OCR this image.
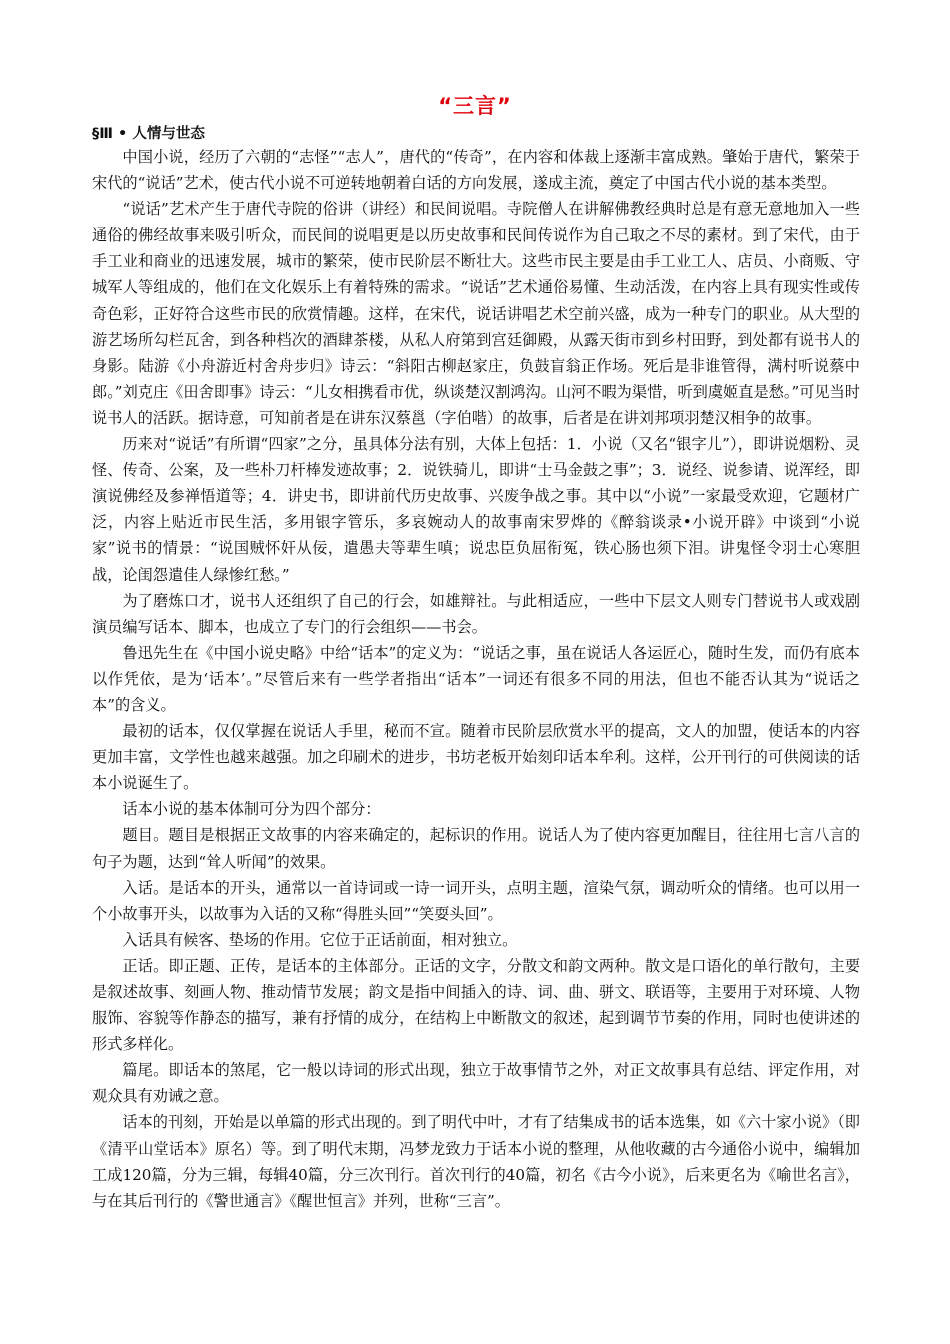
“三言”
§Ⅲ • 人情与世态

中国小说，经历了六朝的“志怪”“志人”，唐代的“传奇”，在内容和体裁上逐渐丰富成熟。肇始于唐代，繁荣于宋代的“说话”艺术，使古代小说不可逆转地朝着白话的方向发展，遂成主流，奠定了中国古代小说的基本类型。

“说话”艺术产生于唐代寺院的俗讲（讲经）和民间说唱。寺院僧人在讲解佛教经典时总是有意无意地加入一些通俗的佛经故事来吸引听众，而民间的说唱更是以历史故事和民间传说作为自己取之不尽的素材。到了宋代，由于手工业和商业的迅速发展，城市的繁荣，使市民阶层不断壮大。这些市民主要是由手工业工人、店员、小商贩、守城军人等组成的，他们在文化娱乐上有着特殊的需求。“说话”艺术通俗易懂、生动活泼，在内容上具有现实性或传奇色彩，正好符合这些市民的欣赏情趣。这样，在宋代，说话讲唱艺术空前兴盛，成为一种专门的职业。从大型的游艺场所勾栏瓦舍，到各种档次的酒肆茶楼，从私人府第到宫廷御殿，从露天街市到乡村田野，到处都有说书人的身影。陆游《小舟游近村舍舟步归》诗云：“斜阳古柳赵家庄，负鼓盲翁正作场。死后是非谁管得，满村听说蔡中郎。”刘克庄《田舍即事》诗云：“儿女相携看市优，纵谈楚汉割鸿沟。山河不暇为渠惜，听到虞姬直是愁。”可见当时说书人的活跃。据诗意，可知前者是在讲东汉蔡邕（字伯喈）的故事，后者是在讲刘邦项羽楚汉相争的故事。

历来对“说话”有所谓“四家”之分，虽具体分法有别，大体上包括：1．小说（又名“银字儿”），即讲说烟粉、灵怪、传奇、公案，及一些朴刀杆棒发迹故事；2．说铁骑儿，即讲“士马金鼓之事”；3．说经、说参请、说浑经，即演说佛经及参禅悟道等；4．讲史书，即讲前代历史故事、兴废争战之事。其中以“小说”一家最受欢迎，它题材广泛，内容上贴近市民生活，多用银字管乐，多哀婉动人的故事南宋罗烨的《醉翁谈录•小说开辟》中谈到“小说家”说书的情景：“说国贼怀奸从佞，遣愚夫等辈生嗔；说忠臣负屈衔冤，铁心肠也须下泪。讲鬼怪令羽士心寒胆战，论闺怨遣佳人绿惨红愁。”

为了磨炼口才，说书人还组织了自己的行会，如雄辩社。与此相适应，一些中下层文人则专门替说书人或戏剧演员编写话本、脚本，也成立了专门的行会组织——书会。

鲁迅先生在《中国小说史略》中给“话本”的定义为：“说话之事，虽在说话人各运匠心，随时生发，而仍有底本以作凭依，是为‘话本’。”尽管后来有一些学者指出“话本”一词还有很多不同的用法，但也不能否认其为“说话之本”的含义。

最初的话本，仅仅掌握在说话人手里，秘而不宣。随着市民阶层欣赏水平的提高，文人的加盟，使话本的内容更加丰富，文学性也越来越强。加之印刷术的进步，书坊老板开始刻印话本牟利。这样，公开刊行的可供阅读的话本小说诞生了。

话本小说的基本体制可分为四个部分：

题目。题目是根据正文故事的内容来确定的，起标识的作用。说话人为了使内容更加醒目，往往用七言八言的句子为题，达到“耸人听闻”的效果。

入话。是话本的开头，通常以一首诗词或一诗一词开头，点明主题，渲染气氛，调动听众的情绪。也可以用一个小故事开头，以故事为入话的又称“得胜头回”“笑耍头回”。

入话具有候客、垫场的作用。它位于正话前面，相对独立。

正话。即正题、正传，是话本的主体部分。正话的文字，分散文和韵文两种。散文是口语化的单行散句，主要是叙述故事、刻画人物、推动情节发展；韵文是指中间插入的诗、词、曲、骈文、联语等，主要用于对环境、人物服饰、容貌等作静态的描写，兼有抒情的成分，在结构上中断散文的叙述，起到调节节奏的作用，同时也使讲述的形式多样化。

篇尾。即话本的煞尾，它一般以诗词的形式出现，独立于故事情节之外，对正文故事具有总结、评定作用，对观众具有劝诫之意。

话本的刊刻，开始是以单篇的形式出现的。到了明代中叶，才有了结集成书的话本选集，如《六十家小说》（即《清平山堂话本》原名）等。到了明代末期，冯梦龙致力于话本小说的整理，从他收藏的古今通俗小说中，编辑加工成120篇，分为三辑，每辑40篇，分三次刊行。首次刊行的40篇，初名《古今小说》，后来更名为《喻世名言》，与在其后刊行的《警世通言》《醒世恒言》并列，世称“三言”。
